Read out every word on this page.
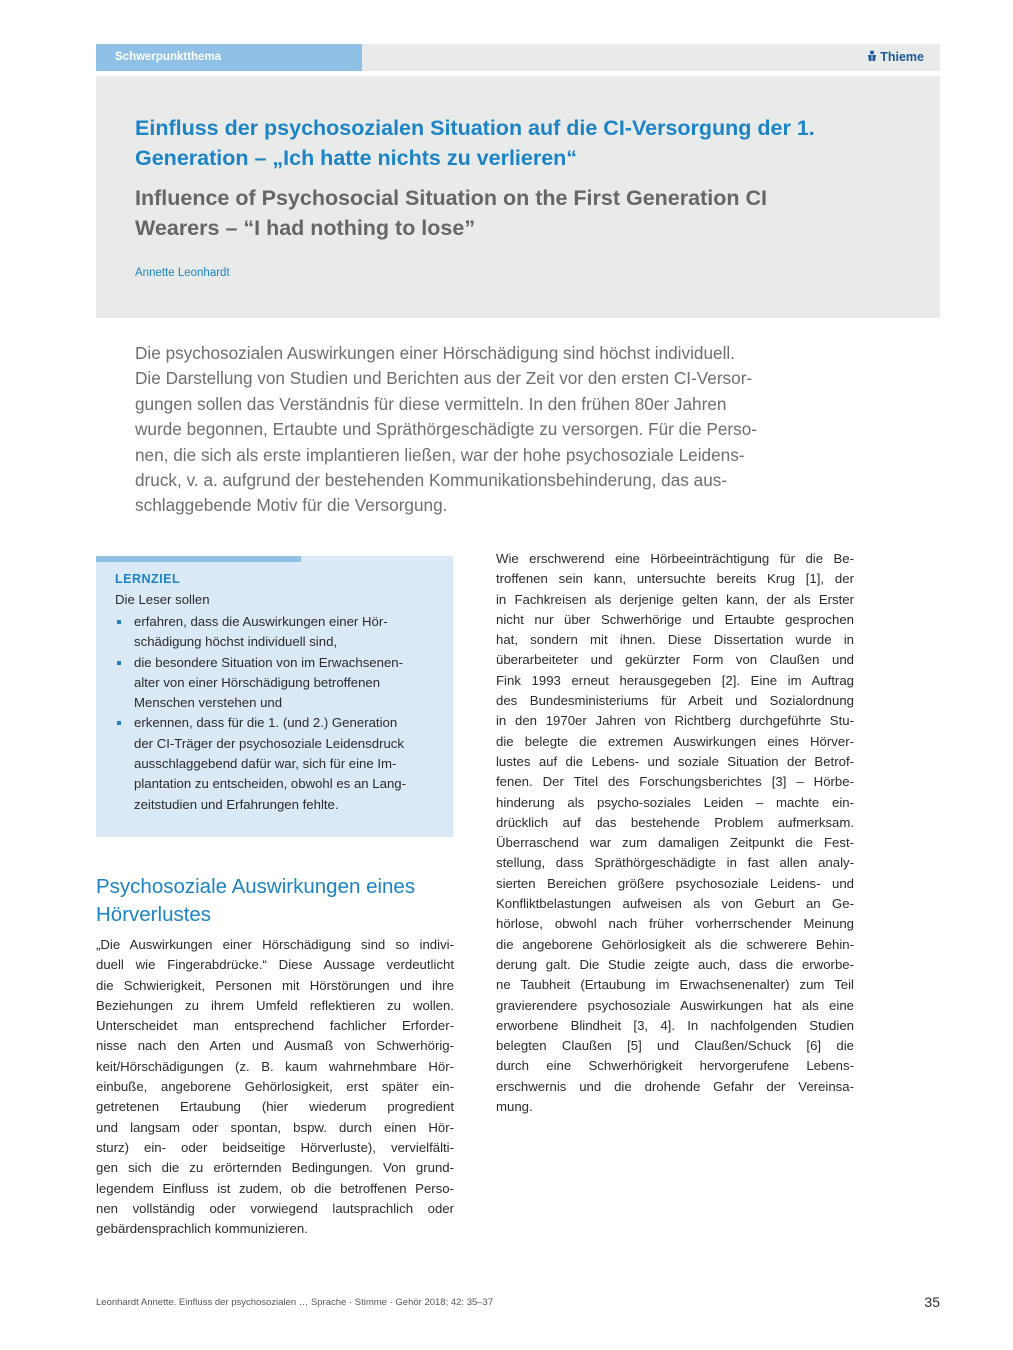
Schwerpunktthema	Thieme
Einfluss der psychosozialen Situation auf die CI-Versorgung der 1. Generation – „Ich hatte nichts zu verlieren“
Influence of Psychosocial Situation on the First Generation CI Wearers – “I had nothing to lose”
Annette Leonhardt

Die psychosozialen Auswirkungen einer Hörschädigung sind höchst individuell.
Die Darstellung von Studien und Berichten aus der Zeit vor den ersten CI-Versor-
gungen sollen das Verständnis für diese vermitteln. In den frühen 80er Jahren
wurde begonnen, Ertaubte und Spräthörgeschädigte zu versorgen. Für die Perso-
nen, die sich als erste implantieren ließen, war der hohe psychosoziale Leidens-
druck, v. a. aufgrund der bestehenden Kommunikationsbehinderung, das aus-
schlaggebende Motiv für die Versorgung.

LERNZIEL
Die Leser sollen
erfahren, dass die Auswirkungen einer Hör-
schädigung höchst individuell sind,
die besondere Situation von im Erwachsenen-
alter von einer Hörschädigung betroffenen
Menschen verstehen und
erkennen, dass für die 1. (und 2.) Generation
der CI-Träger der psychosoziale Leidensdruck
ausschlaggebend dafür war, sich für eine Im-
plantation zu entscheiden, obwohl es an Lang-
zeitstudien und Erfahrungen fehlte.
Psychosoziale Auswirkungen eines Hörverlustes
„Die Auswirkungen einer Hörschädigung sind so indivi-
duell wie Fingerabdrücke.“ Diese Aussage verdeutlicht
die Schwierigkeit, Personen mit Hörstörungen und ihre
Beziehungen zu ihrem Umfeld reflektieren zu wollen.
Unterscheidet man entsprechend fachlicher Erforder-
nisse nach den Arten und Ausmaß von Schwerhörig-
keit/Hörschädigungen (z. B. kaum wahrnehmbare Hör-
einbuße, angeborene Gehörlosigkeit, erst später ein-
getretenen Ertaubung (hier wiederum progredient
und langsam oder spontan, bspw. durch einen Hör-
sturz) ein- oder beidseitige Hörverluste), vervielfälti-
gen sich die zu erörternden Bedingungen. Von grund-
legendem Einfluss ist zudem, ob die betroffenen Perso-
nen vollständig oder vorwiegend lautsprachlich oder
gebärdensprachlich kommunizieren.
Wie erschwerend eine Hörbeeinträchtigung für die Be-
troffenen sein kann, untersuchte bereits Krug [1], der
in Fachkreisen als derjenige gelten kann, der als Erster
nicht nur über Schwerhörige und Ertaubte gesprochen
hat, sondern mit ihnen. Diese Dissertation wurde in
überarbeiteter und gekürzter Form von Claußen und
Fink 1993 erneut herausgegeben [2]. Eine im Auftrag
des Bundesministeriums für Arbeit und Sozialordnung
in den 1970er Jahren von Richtberg durchgeführte Stu-
die belegte die extremen Auswirkungen eines Hörver-
lustes auf die Lebens- und soziale Situation der Betrof-
fenen. Der Titel des Forschungsberichtes [3] – Hörbe-
hinderung als psycho-soziales Leiden – machte ein-
drücklich auf das bestehende Problem aufmerksam.
Überraschend war zum damaligen Zeitpunkt die Fest-
stellung, dass Spräthörgeschädigte in fast allen analy-
sierten Bereichen größere psychosoziale Leidens- und
Konfliktbelastungen aufweisen als von Geburt an Ge-
hörlose, obwohl nach früher vorherrschender Meinung
die angeborene Gehörlosigkeit als die schwerere Behin-
derung galt. Die Studie zeigte auch, dass die erworbe-
ne Taubheit (Ertaubung im Erwachsenenalter) zum Teil
gravierendere psychosoziale Auswirkungen hat als eine
erworbene Blindheit [3, 4]. In nachfolgenden Studien
belegten Claußen [5] und Claußen/Schuck [6] die
durch eine Schwerhörigkeit hervorgerufene Lebens-
erschwernis und die drohende Gefahr der Vereinsa-
mung.
Leonhardt Annette. Einfluss der psychosozialen … Sprache · Stimme · Gehör 2018; 42: 35–37	35
